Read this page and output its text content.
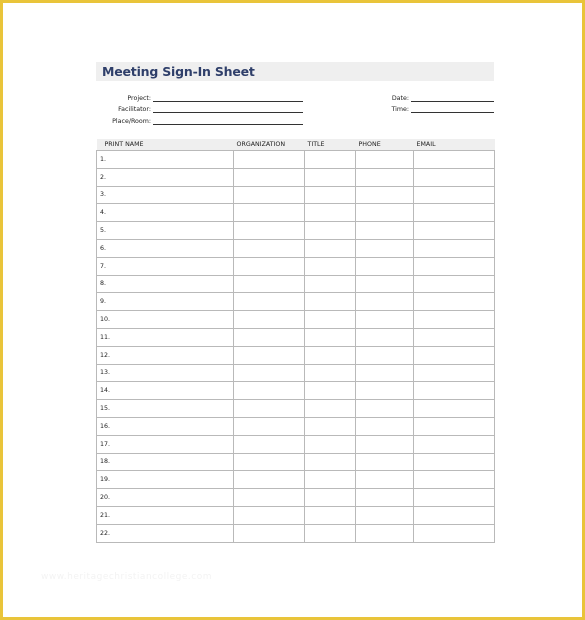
Meeting Sign-In Sheet
Project:
Facilitator:
Place/Room:
Date:
Time:
PRINT NAME	ORGANIZATION	TITLE	PHONE	EMAIL
1.				
2.				
3.				
4.				
5.				
6.				
7.				
8.				
9.				
10.				
11.				
12.				
13.				
14.				
15.				
16.				
17.				
18.				
19.				
20.				
21.				
22.				
www.heritagechristiancollege.com
